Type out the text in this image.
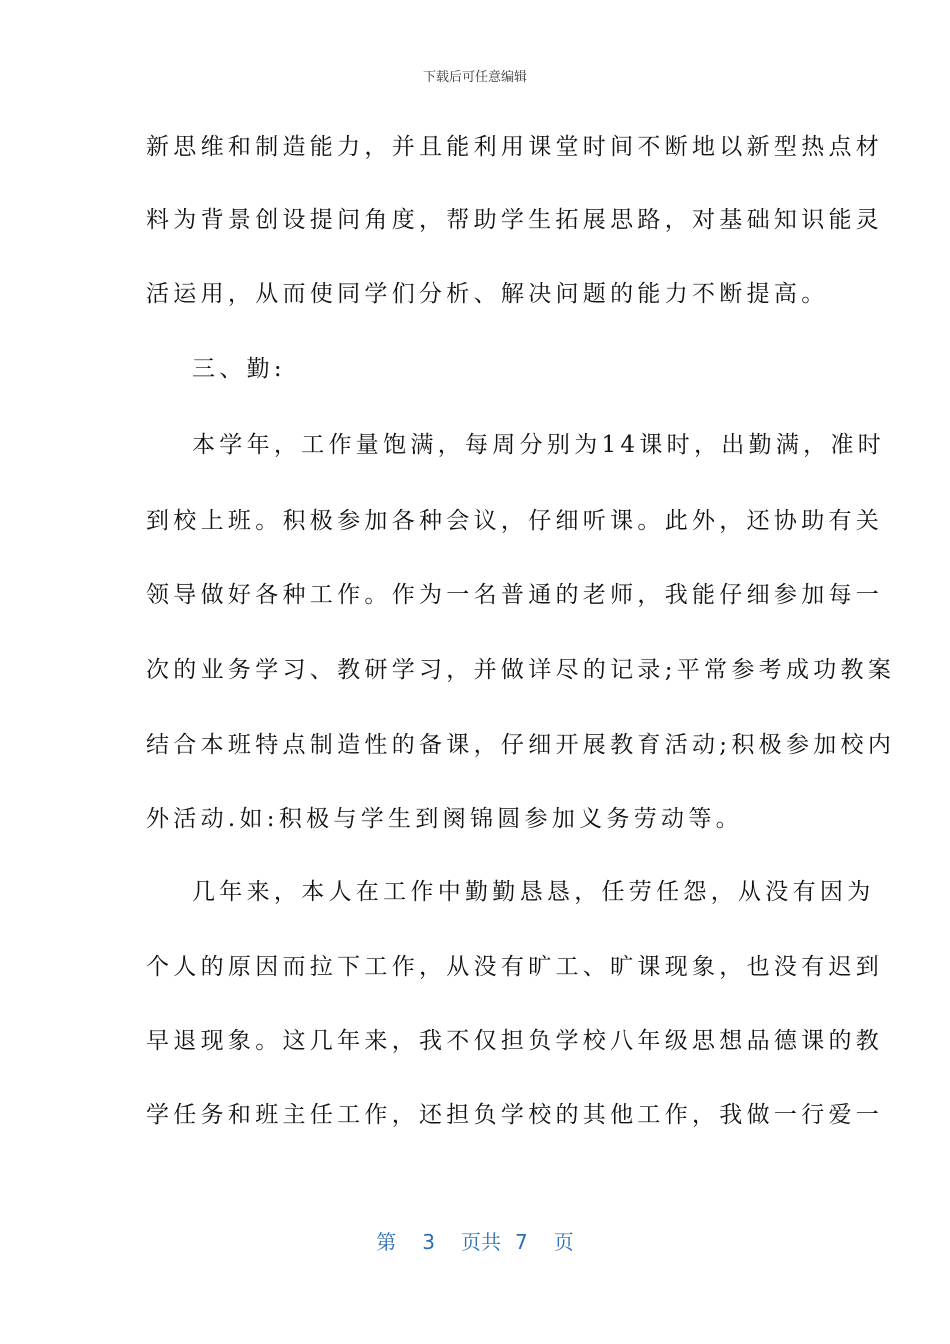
下载后可任意编辑
新思维和制造能力，并且能利用课堂时间不断地以新型热点材
料为背景创设提问角度，帮助学生拓展思路，对基础知识能灵
活运用，从而使同学们分析、解决问题的能力不断提高。
三、勤:
本学年，工作量饱满，每周分别为14课时，出勤满，准时
到校上班。积极参加各种会议，仔细听课。此外，还协助有关
领导做好各种工作。作为一名普通的老师，我能仔细参加每一
次的业务学习、教研学习，并做详尽的记录;平常参考成功教案
结合本班特点制造性的备课，仔细开展教育活动;积极参加校内
外活动.如:积极与学生到阕锦圆参加义务劳动等。
几年来，本人在工作中勤勤恳恳，任劳任怨，从没有因为
个人的原因而拉下工作，从没有旷工、旷课现象，也没有迟到
早退现象。这几年来，我不仅担负学校八年级思想品德课的教
学任务和班主任工作，还担负学校的其他工作，我做一行爱一
第 3 页共 7 页
